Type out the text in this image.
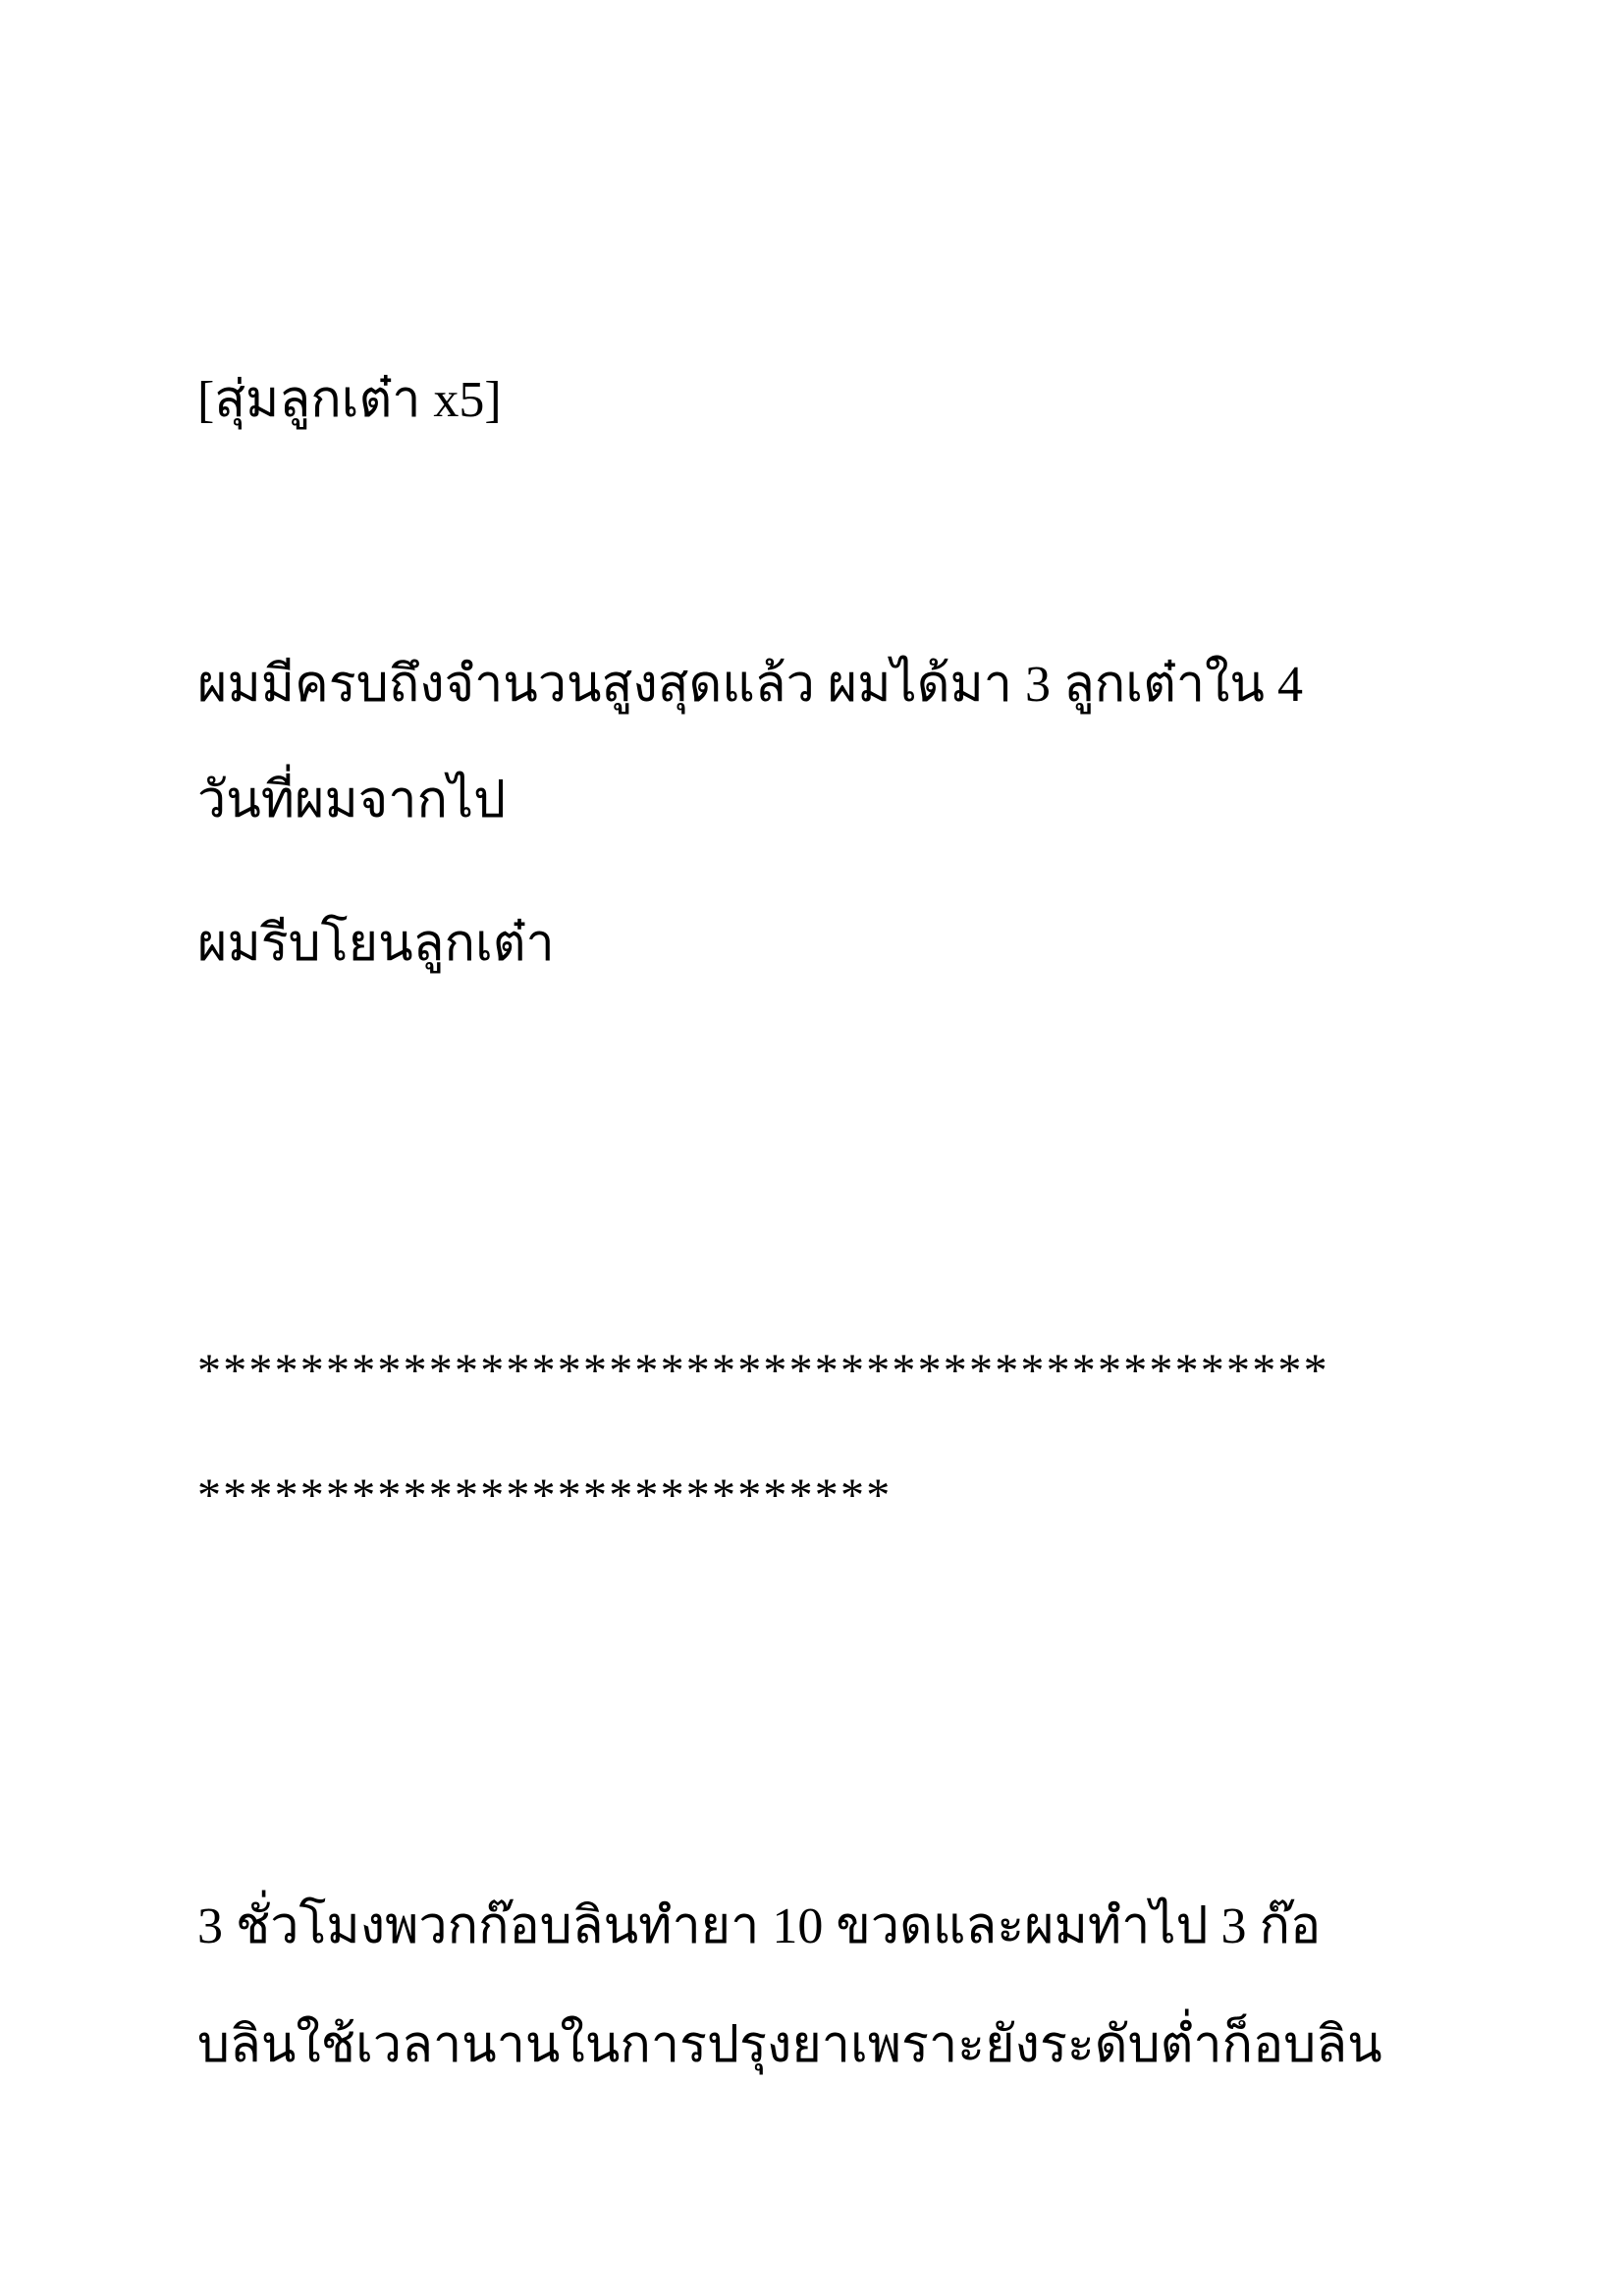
[สุ่มลูกเต๋า x5]

ผมมีครบถึงจำนวนสูงสุดแล้ว ผมได้มา 3 ลูกเต๋าใน 4

วันที่ผมจากไป

ผมรีบโยนลูกเต๋า

********************************************

***************************

3 ชั่วโมงพวกก๊อบลินทำยา 10 ขวดและผมทำไป 3 ก๊อ

บลินใช้เวลานานในการปรุงยาเพราะยังระดับต่ำก็อบลิน
